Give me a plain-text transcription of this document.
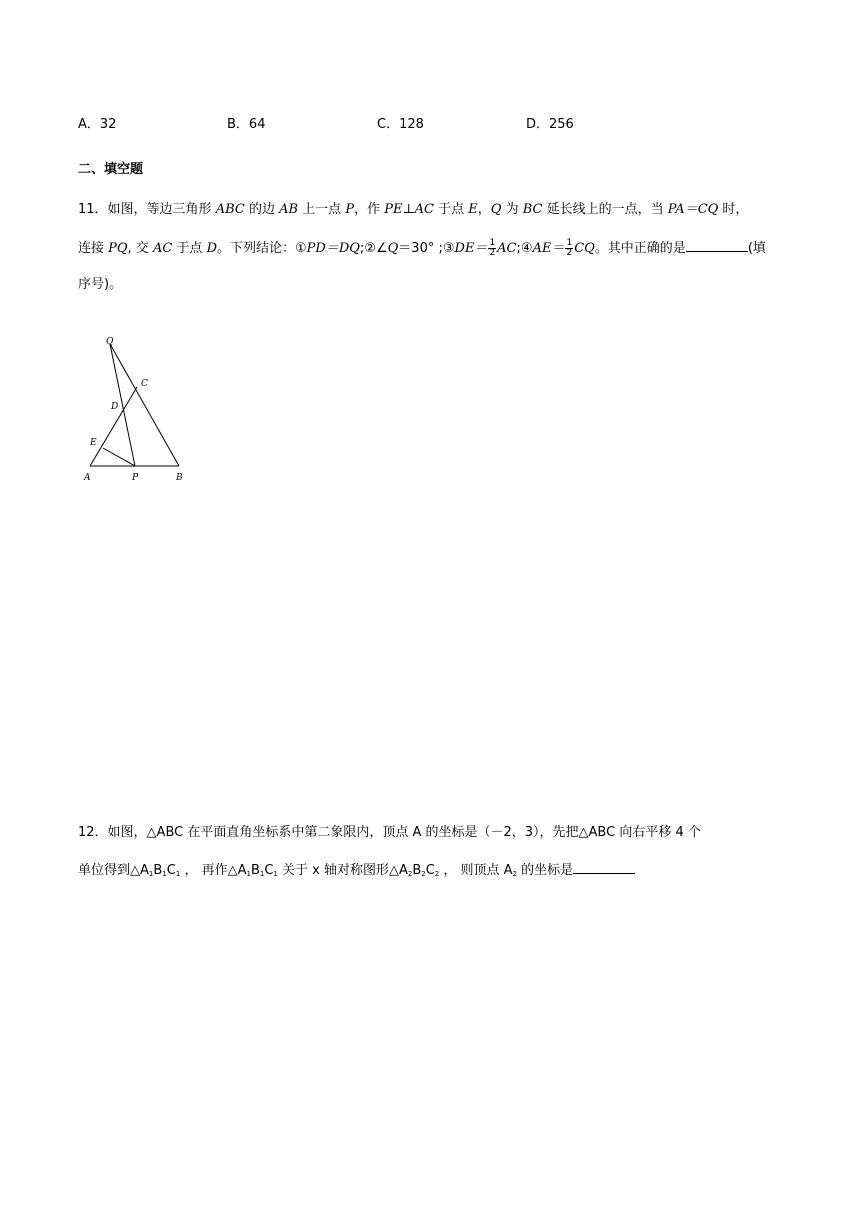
A．32	B．64	C．128	D．256
二、填空题
11．如图，等边三角形 ABC 的边 AB 上一点 P，作 PE⊥AC 于点 E，Q 为 BC 延长线上的一点，当 PA＝CQ 时，
连接 PQ, 交 AC 于点 D。下列结论：①PD＝DQ;②∠Q＝30° ;③DE＝ $\frac{1}{2}$ AC;④AE＝ $\frac{1}{2}$ CQ。其中正确的是	(填
序号)。
Q
C
D
E
A	P	B
12．如图，△ABC 在平面直角坐标系中第二象限内，顶点 A 的坐标是（－2，3），先把△ABC 向右平移 4 个
单位得到$\triangle A_1B_1C_1$ ， 再作$\triangle A_1B_1C_1$ 关于 x 轴对称图形$\triangle A_2B_2C_2$ ， 则顶点 $A_2$ 的坐标是
